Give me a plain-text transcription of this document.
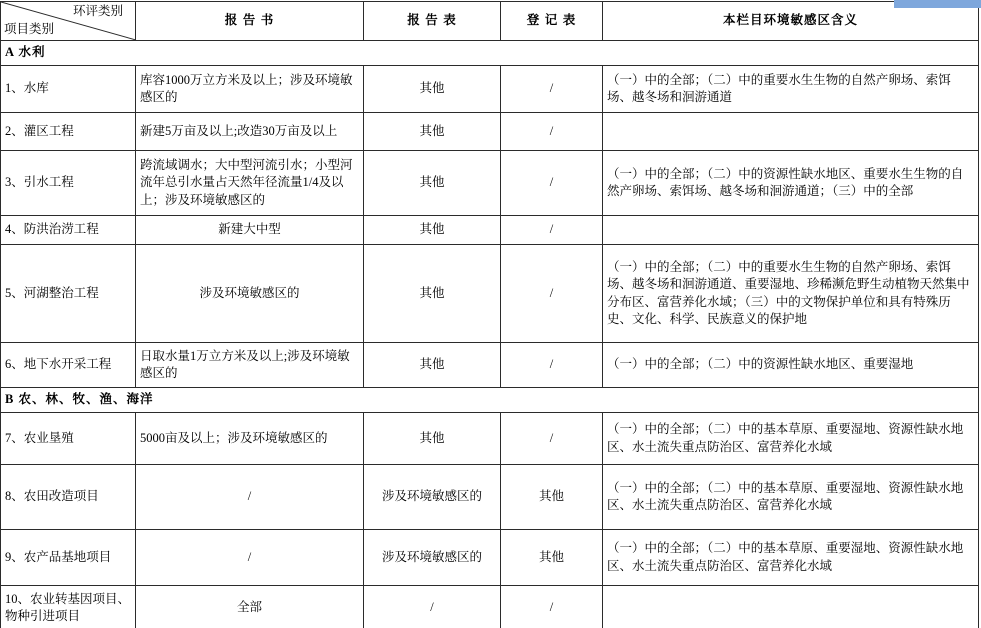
环评类别
项目类别	报 告 书	报 告 表	登 记 表	本栏目环境敏感区含义
A 水利				
1、水库	库容1000万立方米及以上；涉及环境敏感区的	其他	/	（一）中的全部；（二）中的重要水生生物的自然产卵场、索饵场、越冬场和洄游通道
2、灌区工程	新建5万亩及以上;改造30万亩及以上	其他	/	
3、引水工程	跨流域调水；大中型河流引水；小型河流年总引水量占天然年径流量1/4及以上；涉及环境敏感区的	其他	/	（一）中的全部；（二）中的资源性缺水地区、重要水生生物的自然产卵场、索饵场、越冬场和洄游通道；（三）中的全部
4、防洪治涝工程	新建大中型	其他	/	
5、河湖整治工程	涉及环境敏感区的	其他	/	（一）中的全部；（二）中的重要水生生物的自然产卵场、索饵场、越冬场和洄游通道、重要湿地、珍稀濒危野生动植物天然集中分布区、富营养化水域；（三）中的文物保护单位和具有特殊历史、文化、科学、民族意义的保护地
6、地下水开采工程	日取水量1万立方米及以上;涉及环境敏感区的	其他	/	（一）中的全部；（二）中的资源性缺水地区、重要湿地
B 农、林、牧、渔、海洋				
7、农业垦殖	5000亩及以上；涉及环境敏感区的	其他	/	（一）中的全部；（二）中的基本草原、重要湿地、资源性缺水地区、水土流失重点防治区、富营养化水域
8、农田改造项目	/	涉及环境敏感区的	其他	（一）中的全部；（二）中的基本草原、重要湿地、资源性缺水地区、水土流失重点防治区、富营养化水域
9、农产品基地项目	/	涉及环境敏感区的	其他	（一）中的全部；（二）中的基本草原、重要湿地、资源性缺水地区、水土流失重点防治区、富营养化水域
10、农业转基因项目、物种引进项目	全部	/	/	
